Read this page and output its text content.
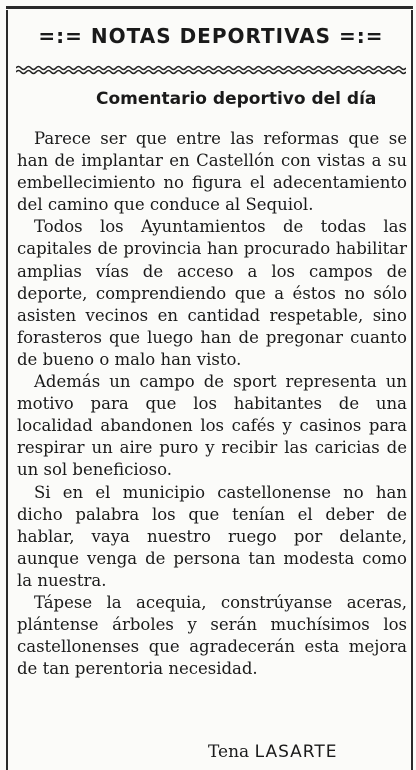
=:= NOTAS DEPORTIVAS =:=
Comentario deportivo del día

Parece ser que entre las reformas que se han de implantar en Castellón con vistas a su embellecimiento no figura el adecentamiento del camino que conduce al Sequiol.

Todos los Ayuntamientos de todas las capitales de provincia han procurado habilitar amplias vías de acceso a los campos de deporte, comprendiendo que a éstos no sólo asisten vecinos en cantidad respetable, sino forasteros que luego han de pregonar cuanto de bueno o malo han visto.

Además un campo de sport representa un motivo para que los habitantes de una localidad abandonen los cafés y casinos para respirar un aire puro y recibir las caricias de un sol beneficioso.

Si en el municipio castellonense no han dicho palabra los que tenían el deber de hablar, vaya nuestro ruego por delante, aunque venga de persona tan modesta como la nuestra.

Tápese la acequia, constrúyanse aceras, plántense árboles y serán muchísimos los castellonenses que agradecerán esta mejora de tan perentoria necesidad.

Tena LASARTE
